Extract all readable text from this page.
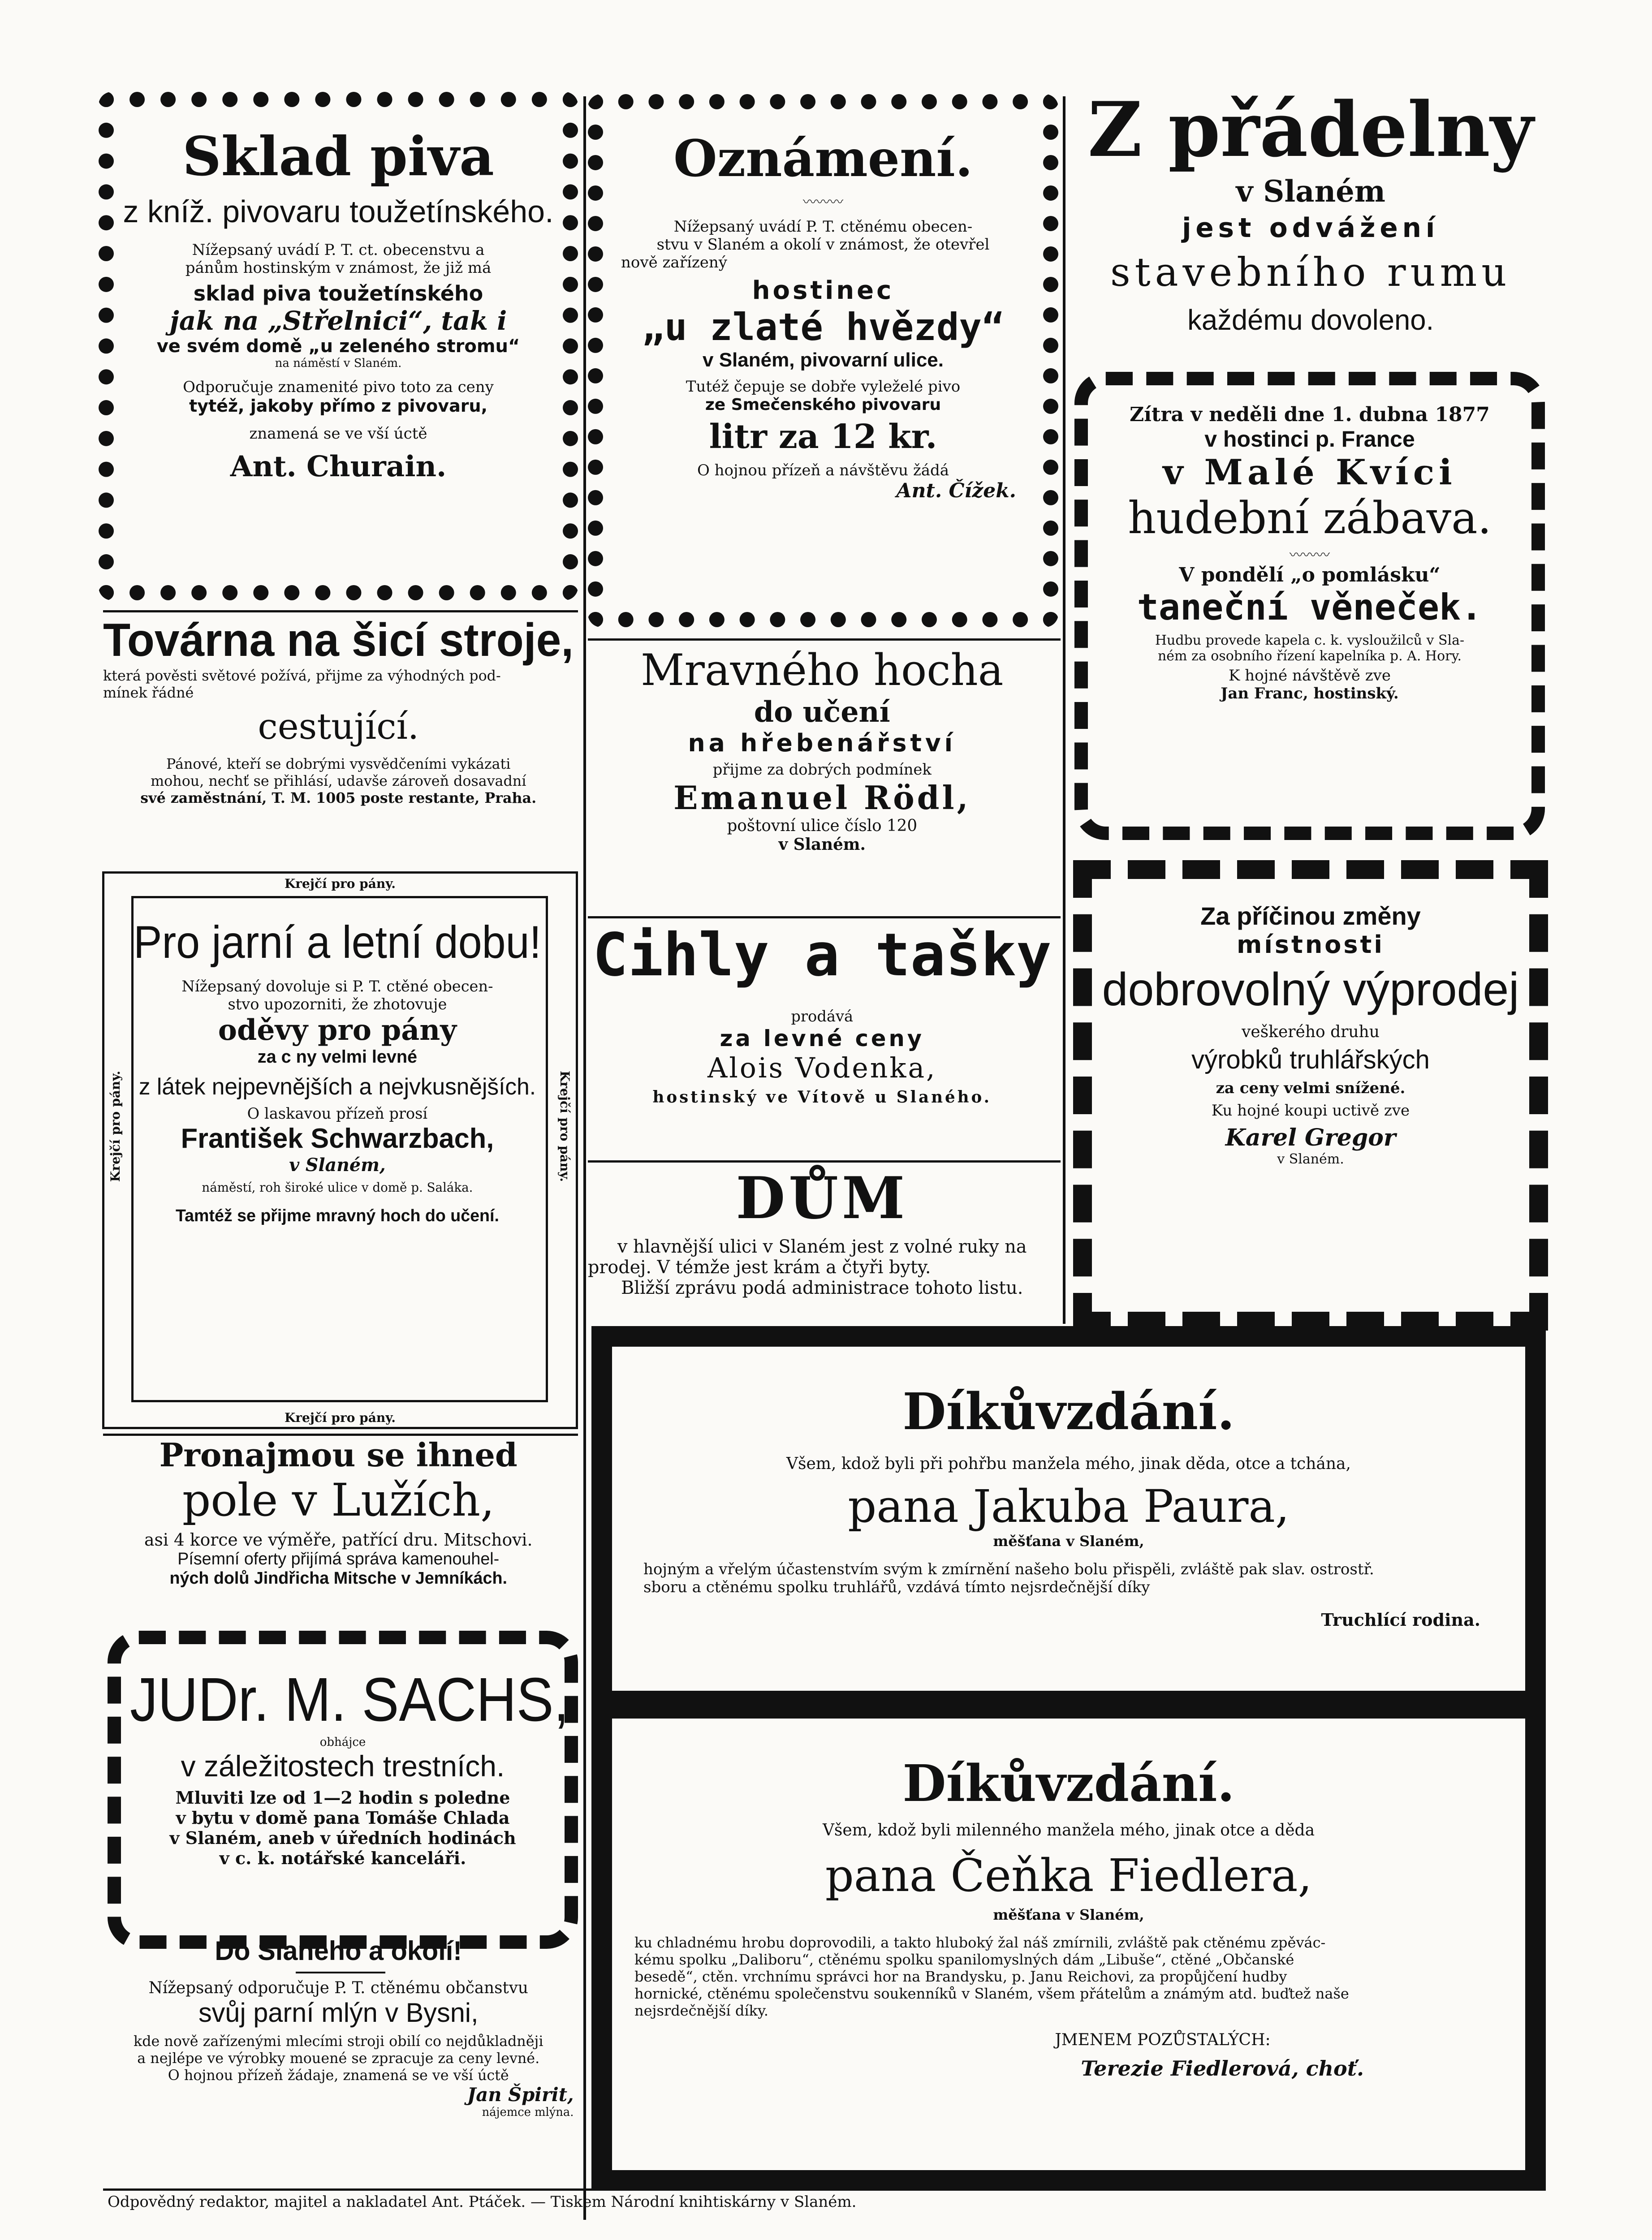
Sklad piva
z kníž. pivovaru toužetínského.
Níž‍epsaný uvádí P. T. ct. obecenstvu a
pánům hostinským v známost, že již má
sklad piva toužetínského
jak na „Střelnici“, tak i
ve svém domě „u zeleného stromu“
na náměstí v Slaném.
Odporučuje znamenité pivo toto za ceny
tytéž, jakoby přímo z pivovaru,
znamená se ve vší úctě
Ant. Churain.
Oznámení.
〰〰〰
Nížepsaný uvádí P. T. ctěnému obecen-
stvu v Slaném a okolí v známost, že otevřel
nově zařízený
hostinec
„u zlaté hvězdy“
v Slaném, pivovarní ulice.
Tutéž čepuje se dobře vyleželé pivo
ze Smečenského pivovaru
litr za 12 kr.
O hojnou přízeň a návštěvu žádá
Ant. Čížek.
Z přádelny
v Slaném
jest odvážení
stavebního rumu
každému dovoleno.
Zítra v neděli dne 1. dubna 1877
v hostinci p. France
v Malé Kvíci
hudební zábava.
〰〰〰
V pondělí „o pomlásku“
taneční věneček.
Hudbu provede kapela c. k. vysloužilců v Sla-
ném za osobního řízení kapelníka p. A. Hory.
K hojné návštěvě zve
Jan Franc, hostinský.
Továrna na šicí stroje,
která pověsti světové požívá, přijme za výhodných pod-
mínek řádné
cestující.
Pánové, kteří se dobrými vysvědčeními vykázati
mohou, nechť se přihlásí, udavše zároveň dosavadní
své zaměstnání, T. M. 1005 poste restante, Praha.
Mravného hocha
do učení
na hřebenářství
přijme za dobrých podmínek
Emanuel Rödl,
poštovní ulice číslo 120
v Slaném.
Cihly a tašky
prodává
za levné ceny
Alois Vodenka,
hostinský ve Vítově u Slaného.
DŮM
v hlavnější ulici v Slaném jest z volné ruky na
prodej. V témže jest krám a čtyři byty.
Bližší zprávu podá administrace tohoto listu.
Krejčí pro pány.
Krejčí pro pány.
Krejčí pro pány.	Krejčí pro pány.
Pro jarní a letní dobu!
Nížepsaný dovoluje si P. T. ctěné obecen-
stvo upozorniti, že zhotovuje
oděvy pro pány
za c ny velmi levné
z látek nejpevnějších a nejvkusnějších.
O laskavou přízeň prosí
František Schwarzbach,
v Slaném,
náměstí, roh široké ulice v domě p. Saláka.
Tamtéž se přijme mravný hoch do učení.
Za příčinou změny
místnosti
dobrovolný výprodej
veškerého druhu
výrobků truhlářských
za ceny velmi snížené.
Ku hojné koupi uctivě zve
Karel Gregor
v Slaném.
Pronajmou se ihned
pole v Lužích,
asi 4 korce ve výměře, patřící dru. Mitschovi.
Písemní oferty přijímá správa kamenouhel-
ných dolů Jindřicha Mitsche v Jemníkách.
Díkůvzdání.
Všem, kdož byli při pohřbu manžela mého, jinak děda, otce a tchána,
pana Jakuba Paura,
měšťana v Slaném,
hojným a vřelým účastenstvím svým k zmírnění našeho bolu přispěli, zvláště pak slav. ostrostř.
sboru a ctěnému spolku truhlářů, vzdává tímto nejsrdečnější díky
Truchlící rodina.
JUDr. M. SACHS,
obhájce
v záležitostech trestních.
Mluviti lze od 1—2 hodin s poledne
v bytu v domě pana Tomáše Chlada
v Slaném, aneb v úředních hodinách
v c. k. notářské kanceláři.
Do Slaného a okolí!
Nížepsaný odporučuje P. T. ctěnému občanstvu
svůj parní mlýn v Bysni,
kde nově zařízenými mlecími stroji obilí co nejdůkladněji
a nejlépe ve výrobky mouené se zpracuje za ceny levné.
O hojnou přízeň žádaje, znamená se ve vší úctě
Jan Špirit,
nájemce mlýna.
Díkůvzdání.
Všem, kdož byli milenného manžela mého, jinak otce a děda
pana Čeňka Fiedlera,
měšťana v Slaném,
ku chladnému hrobu doprovodili, a takto hluboký žal náš zmírnili, zvláště pak ctěnému zpěvác-
kému spolku „Daliboru“, ctěnému spolku spanilomyslných dám „Libuše“, ctěné „Občanské
besedě“, ctěn. vrchnímu správci hor na Brandysku, p. Janu Reichovi, za propůjčení hudby
hornické, ctěnému společenstvu soukenníků v Slaném, všem přátelům a známým atd. buďtež naše
nejsrdečnější díky.
JMENEM POZŮSTALÝCH:
Terezie Fiedlerová, choť.
Odpovědný redaktor, majitel a nakladatel Ant. Ptáček. — Tiskem Národní knihtiskárny v Slaném.
